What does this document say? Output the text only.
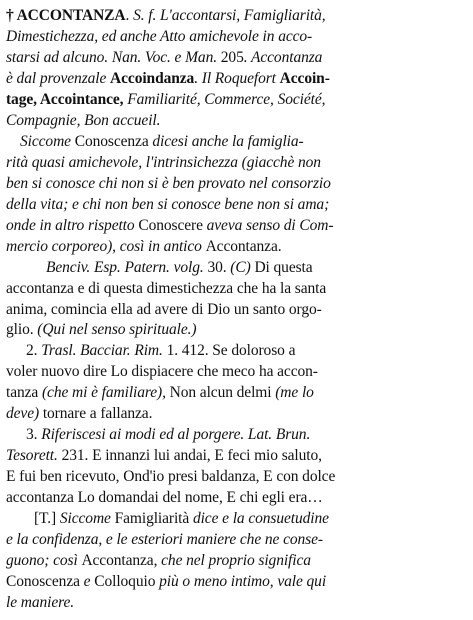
† ACCONTANZA. S. f. L'accontarsi, Famigliarità,
Dimestichezza, ed anche Atto amichevole in acco-
starsi ad alcuno. Nan. Voc. e Man. 205. Accontanza
è dal provenzale Accoindanza. Il Roquefort Accoin-
tage, Accointance, Familiarité, Commerce, Société,
Compagnie, Bon accueil.
Siccome Conoscenza dicesi anche la famiglia-
rità quasi amichevole, l'intrinsichezza (giacchè non
ben si conosce chi non si è ben provato nel consorzio
della vita; e chi non ben si conosce bene non si ama;
onde in altro rispetto Conoscere aveva senso di Com-
mercio corporeo), così in antico Accontanza.
Benciv. Esp. Patern. volg. 30. (C) Di questa
accontanza e di questa dimestichezza che ha la santa
anima, comincia ella ad avere di Dio un santo orgo-
glio. (Qui nel senso spirituale.)
2. Trasl. Bacciar. Rim. 1. 412. Se doloroso a
voler nuovo dire Lo dispiacere che meco ha accon-
tanza (che mi è familiare), Non alcun delmi (me lo
deve) tornare a fallanza.
3. Riferiscesi ai modi ed al porgere. Lat. Brun.
Tesorett. 231. E innanzi lui andai, E feci mio saluto,
E fui ben ricevuto, Ond'io presi baldanza, E con dolce
accontanza Lo domandai del nome, E chi egli era…
[T.] Siccome Famigliarità dice e la consuetudine
e la confidenza, e le esteriori maniere che ne conse-
guono; così Accontanza, che nel proprio significa
Conoscenza e Colloquio più o meno intimo, vale qui
le maniere.
